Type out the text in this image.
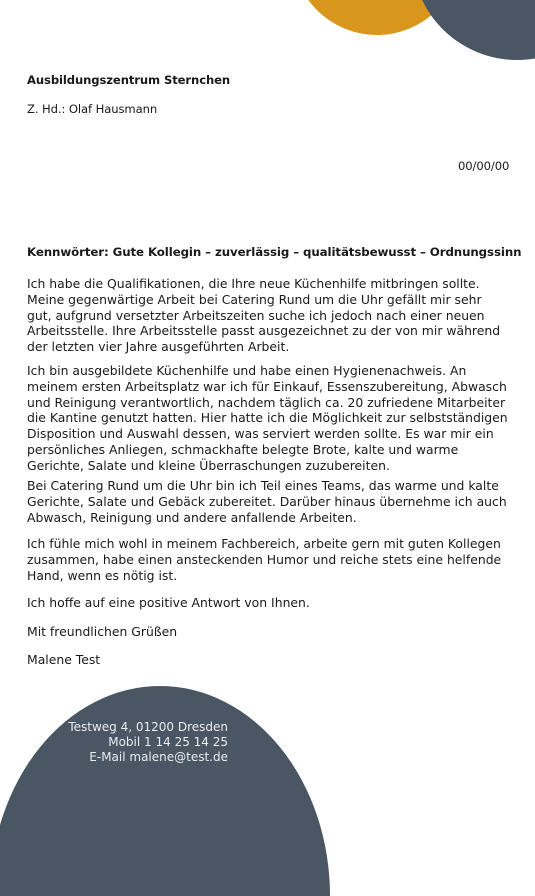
Ausbildungszentrum Sternchen
Z. Hd.: Olaf Hausmann
00/00/00
Kennwörter: Gute Kollegin – zuverlässig – qualitätsbewusst – Ordnungssinn

Ich habe die Qualifikationen, die Ihre neue Küchenhilfe mitbringen sollte. Meine gegenwärtige Arbeit bei Catering Rund um die Uhr gefällt mir sehr gut, aufgrund versetzter Arbeitszeiten suche ich jedoch nach einer neuen Arbeitsstelle. Ihre Arbeitsstelle passt ausgezeichnet zu der von mir während der letzten vier Jahre ausgeführten Arbeit.

Ich bin ausgebildete Küchenhilfe und habe einen Hygienenachweis. An meinem ersten Arbeitsplatz war ich für Einkauf, Essenszubereitung, Abwasch und Reinigung verantwortlich, nachdem täglich ca. 20 zufriedene Mitarbeiter die Kantine genutzt hatten. Hier hatte ich die Möglichkeit zur selbstständigen Disposition und Auswahl dessen, was serviert werden sollte. Es war mir ein persönliches Anliegen, schmackhafte belegte Brote, kalte und warme Gerichte, Salate und kleine Überraschungen zuzubereiten.

Bei Catering Rund um die Uhr bin ich Teil eines Teams, das warme und kalte Gerichte, Salate und Gebäck zubereitet. Darüber hinaus übernehme ich auch Abwasch, Reinigung und andere anfallende Arbeiten.

Ich fühle mich wohl in meinem Fachbereich, arbeite gern mit guten Kollegen zusammen, habe einen ansteckenden Humor und reiche stets eine helfende Hand, wenn es nötig ist.

Ich hoffe auf eine positive Antwort von Ihnen.

Mit freundlichen Grüßen

Malene Test

Testweg 4, 01200 Dresden
Mobil 1 14 25 14 25
E-Mail malene@test.de
